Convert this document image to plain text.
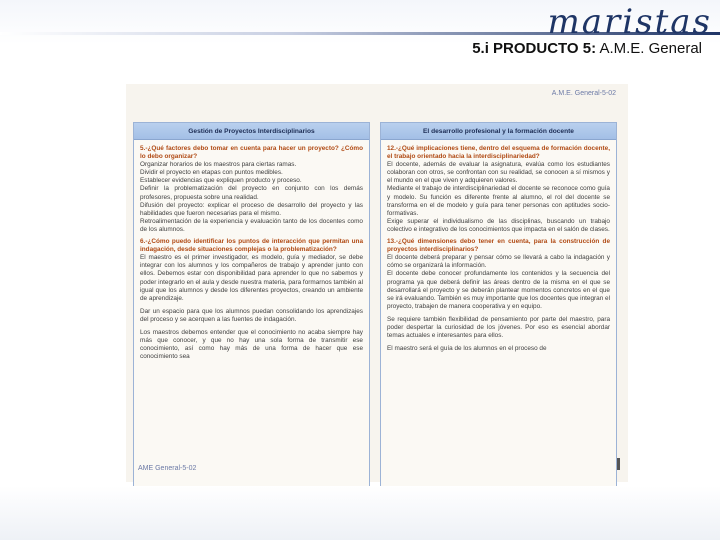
maristas
5.i PRODUCTO 5: A.M.E. General
A.M.E. General-5-02
Gestión de Proyectos Interdisciplinarios
5.-¿Qué factores debo tomar en cuenta para hacer un proyecto? ¿Cómo lo debo organizar?
Organizar horarios de los maestros para ciertas ramas.
Dividir el proyecto en etapas con puntos medibles.
Establecer evidencias que expliquen producto y proceso.
Definir la problematización del proyecto en conjunto con los demás profesores, propuesta sobre una realidad.
Difusión del proyecto: explicar el proceso de desarrollo del proyecto y las habilidades que fueron necesarias para el mismo.
Retroalimentación de la experiencia y evaluación tanto de los docentes como de los alumnos.
6.-¿Cómo puedo identificar los puntos de interacción que permitan una indagación, desde situaciones complejas o la problematización?
El maestro es el primer investigador, es modelo, guía y mediador, se debe integrar con los alumnos y los compañeros de trabajo y aprender junto con ellos. Debemos estar con disponibilidad para aprender lo que no sabemos y poder integrarlo en el aula y desde nuestra materia, para formarnos también al igual que los alumnos y desde los diferentes proyectos, creando un ambiente de aprendizaje.
Dar un espacio para que los alumnos puedan consolidando los aprendizajes del proceso y se acerquen a las fuentes de indagación.
Los maestros debemos entender que el conocimiento no acaba siempre hay más que conocer, y que no hay una sola forma de transmitir ese conocimiento, así como hay más de una forma de hacer que ese conocimiento sea
El desarrollo profesional y la formación docente
12.-¿Qué implicaciones tiene, dentro del esquema de formación docente, el trabajo orientado hacia la interdisciplinariedad?
El docente, además de evaluar la asignatura, evalúa como los estudiantes colaboran con otros, se confrontan con su realidad, se conocen a sí mismos y el mundo en el que viven y adquieren valores.
Mediante el trabajo de interdisciplinariedad el docente se reconoce como guía y modelo. Su función es diferente frente al alumno, el rol del docente se transforma en el de modelo y guía para tener personas con aptitudes socio-formativas.
Exige superar el individualismo de las disciplinas, buscando un trabajo colectivo e integrativo de los conocimientos que impacta en el salón de clases.
13.-¿Qué dimensiones debo tener en cuenta, para la construcción de proyectos interdisciplinarios?
El docente deberá preparar y pensar cómo se llevará a cabo la indagación y cómo se organizará la información.
El docente debe conocer profundamente los contenidos y la secuencia del programa ya que deberá definir las áreas dentro de la misma en el que se desarrollará el proyecto y se deberán plantear momentos concretos en el que se irá evaluando. También es muy importante que los docentes que integran el proyecto, trabajen de manera cooperativa y en equipo.
Se requiere también flexibilidad de pensamiento por parte del maestro, para poder despertar la curiosidad de los jóvenes. Por eso es esencial abordar temas actuales e interesantes para ellos.
El maestro será el guía de los alumnos en el proceso de
AME General-5-02
